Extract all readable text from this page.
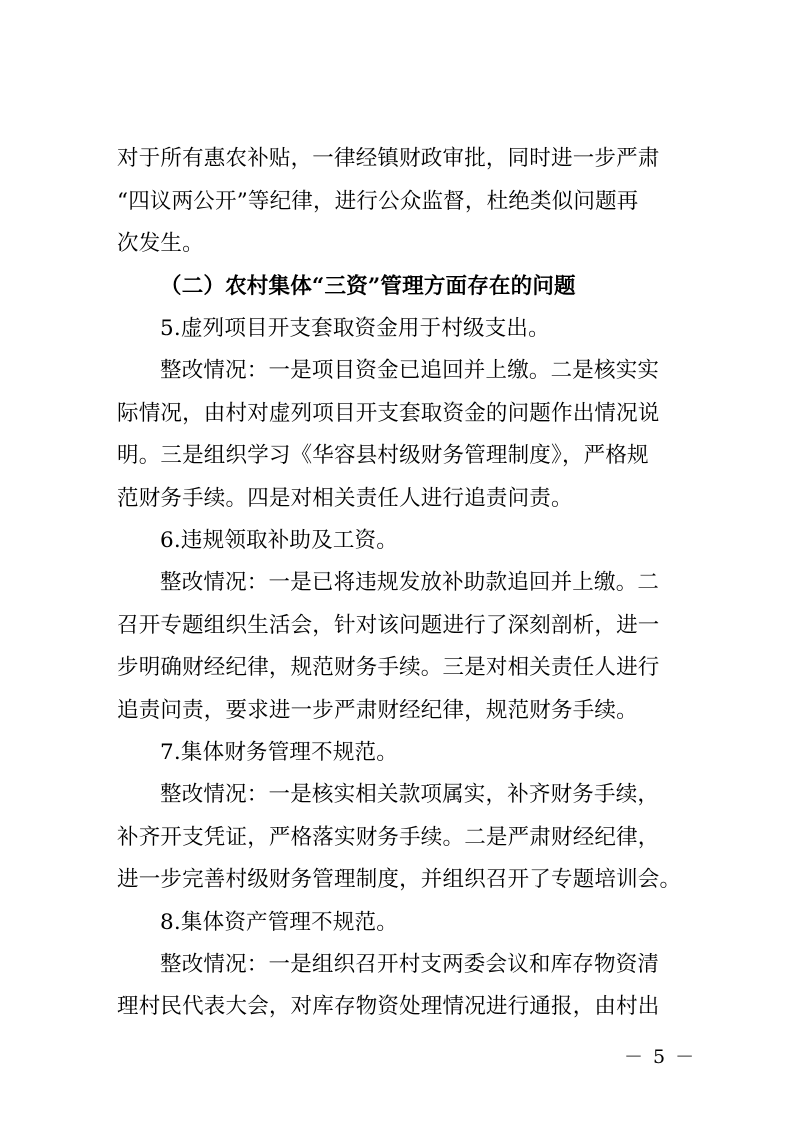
对于所有惠农补贴，一律经镇财政审批，同时进一步严肃
“四议两公开”等纪律，进行公众监督，杜绝类似问题再
次发生。
（二）农村集体“三资”管理方面存在的问题
5.虚列项目开支套取资金用于村级支出。
整改情况：一是项目资金已追回并上缴。二是核实实
际情况，由村对虚列项目开支套取资金的问题作出情况说
明。三是组织学习《华容县村级财务管理制度》，严格规
范财务手续。四是对相关责任人进行追责问责。
6.违规领取补助及工资。
整改情况：一是已将违规发放补助款追回并上缴。二
召开专题组织生活会，针对该问题进行了深刻剖析，进一
步明确财经纪律，规范财务手续。三是对相关责任人进行
追责问责，要求进一步严肃财经纪律，规范财务手续。
7.集体财务管理不规范。
整改情况：一是核实相关款项属实，补齐财务手续，
补齐开支凭证，严格落实财务手续。二是严肃财经纪律，
进一步完善村级财务管理制度，并组织召开了专题培训会。
8.集体资产管理不规范。
整改情况：一是组织召开村支两委会议和库存物资清
理村民代表大会，对库存物资处理情况进行通报，由村出
－ 5 －
